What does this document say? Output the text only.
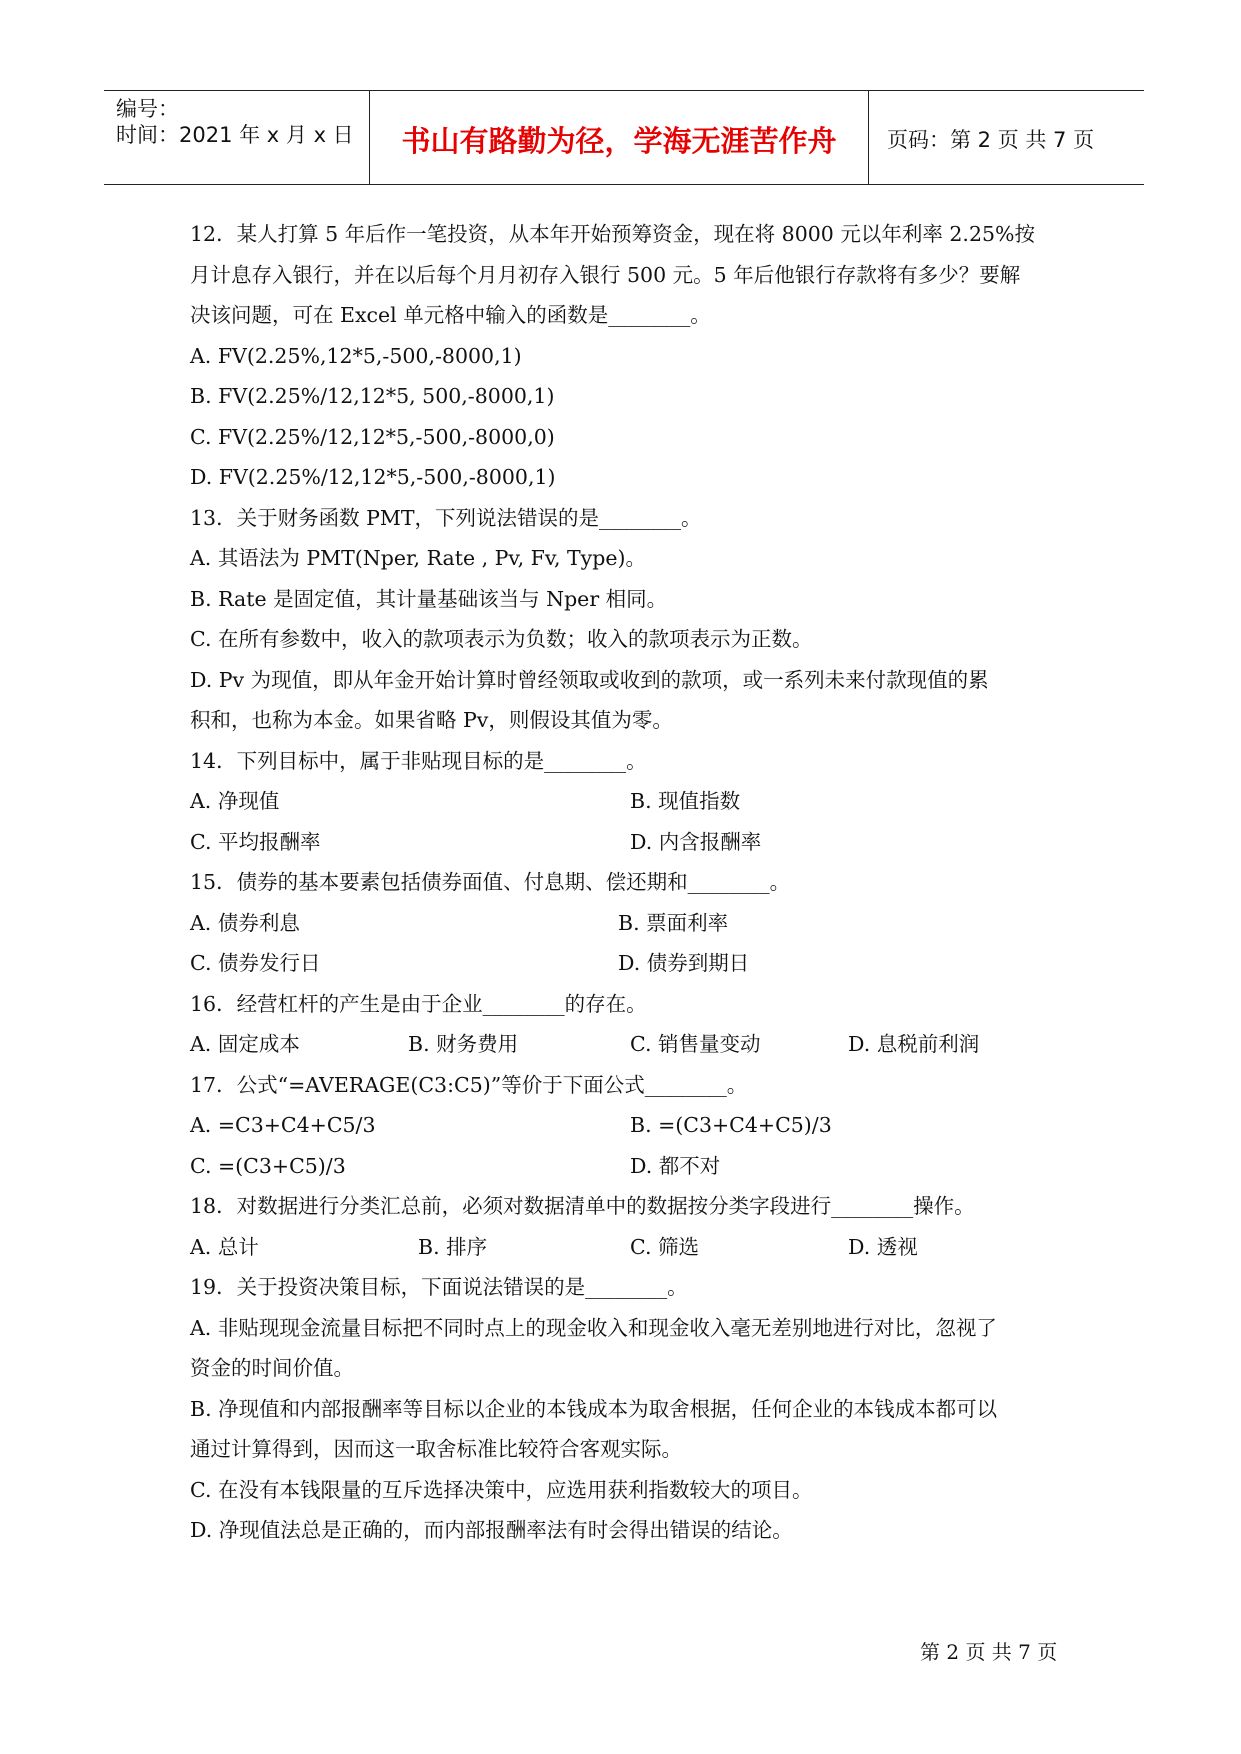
编号：
时间：2021 年 x 月 x 日	书山有路勤为径，学海无涯苦作舟	页码：第 2 页 共 7 页
12．某人打算 5 年后作一笔投资，从本年开始预筹资金，现在将 8000 元以年利率 2.25%按
月计息存入银行，并在以后每个月月初存入银行 500 元。5 年后他银行存款将有多少？要解
决该问题，可在 Excel 单元格中输入的函数是________。
A. FV(2.25%,12*5,-500,-8000,1)
B. FV(2.25%/12,12*5, 500,-8000,1)
C. FV(2.25%/12,12*5,-500,-8000,0)
D. FV(2.25%/12,12*5,-500,-8000,1)
13．关于财务函数 PMT，下列说法错误的是________。
A. 其语法为 PMT(Nper, Rate , Pv, Fv, Type)。
B. Rate 是固定值，其计量基础该当与 Nper 相同。
C. 在所有参数中，收入的款项表示为负数；收入的款项表示为正数。
D. Pv 为现值，即从年金开始计算时曾经领取或收到的款项，或一系列未来付款现值的累
积和，也称为本金。如果省略 Pv，则假设其值为零。
14．下列目标中，属于非贴现目标的是________。
A. 净现值	B. 现值指数
C. 平均报酬率	D. 内含报酬率
15．债券的基本要素包括债券面值、付息期、偿还期和________。
A. 债券利息	B. 票面利率
C. 债券发行日	D. 债券到期日
16．经营杠杆的产生是由于企业________的存在。
A. 固定成本	B. 财务费用	C. 销售量变动	D. 息税前利润
17．公式“=AVERAGE(C3:C5)”等价于下面公式________。
A. =C3+C4+C5/3	B. =(C3+C4+C5)/3
C. =(C3+C5)/3	D. 都不对
18．对数据进行分类汇总前，必须对数据清单中的数据按分类字段进行________操作。
A. 总计	B. 排序	C. 筛选	D. 透视
19．关于投资决策目标，下面说法错误的是________。
A. 非贴现现金流量目标把不同时点上的现金收入和现金收入毫无差别地进行对比，忽视了
资金的时间价值。
B. 净现值和内部报酬率等目标以企业的本钱成本为取舍根据，任何企业的本钱成本都可以
通过计算得到，因而这一取舍标准比较符合客观实际。
C. 在没有本钱限量的互斥选择决策中，应选用获利指数较大的项目。
D. 净现值法总是正确的，而内部报酬率法有时会得出错误的结论。
第 2 页 共 7 页
